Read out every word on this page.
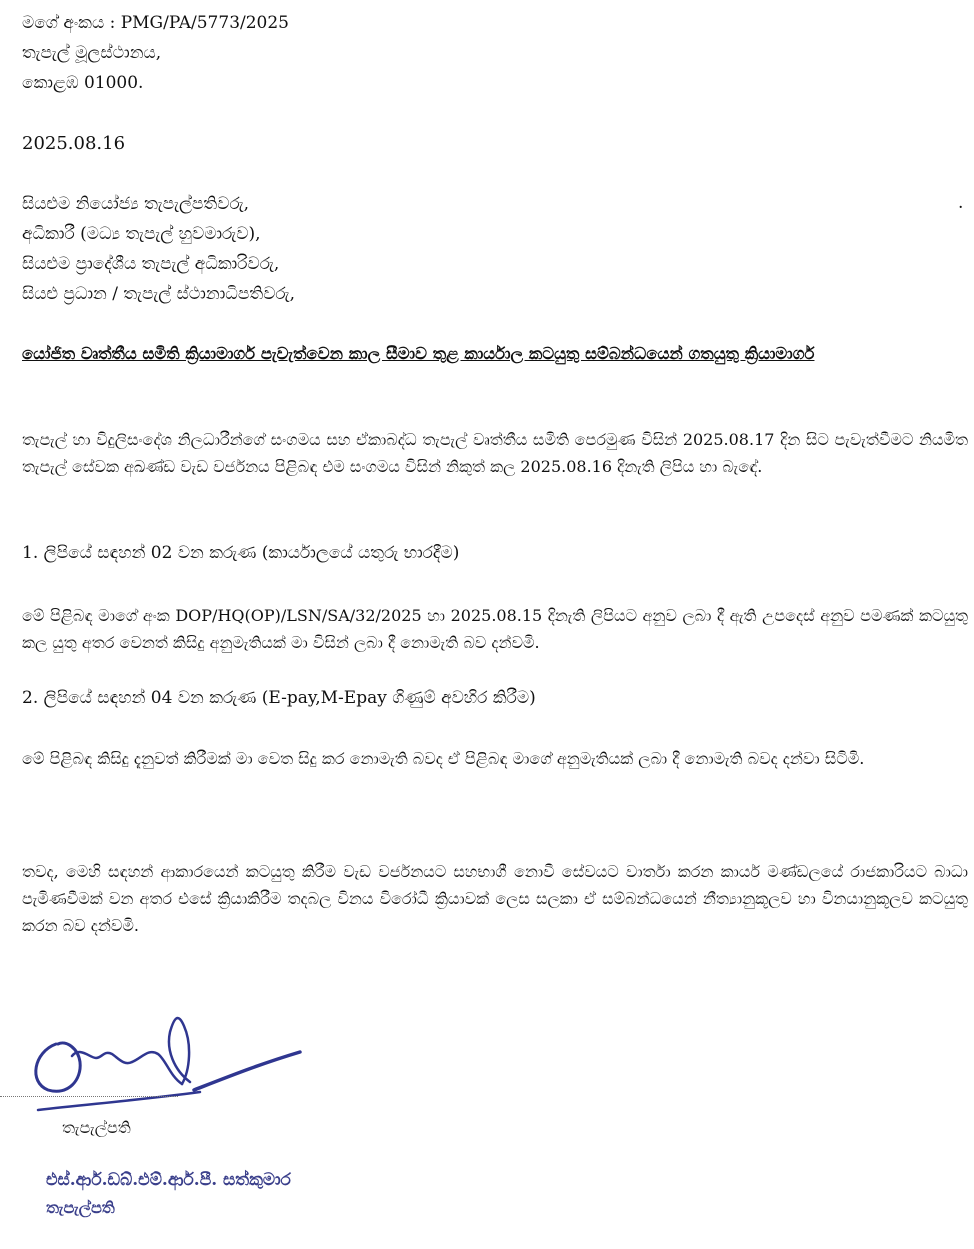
මගේ අංකය : PMG/PA/5773/2025
තැපැල් මූලස්ථානය,
කොළඹ 01000.
2025.08.16
සියළුම නියෝජ්‍ය තැපැල්පතිවරු,
අධිකාරී (මධ්‍ය තැපැල් හුවමාරුව),
සියළුම ප්‍රාදේශීය තැපැල් අධිකාරිවරු,
සියළු ප්‍රධාන / තැපැල් ස්ථානාධිපතිවරු,
.
යෝජිත වෘත්තීය සමිති ක්‍රියාමාර්ග පැවැත්වෙන කාල සීමාව තුළ කාර්යාල කටයුතු සම්බන්ධයෙන් ගතයුතු ක්‍රියාමාර්ග
තැපැල් හා විදුලිසංදේශ නිලධාරීන්ගේ සංගමය සහ ඒකාබද්ධ තැපැල් වෘත්තීය සමිති පෙරමුණ විසින් 2025.08.17 දින සිට පැවැත්වීමට නියමිත තැපැල් සේවක අඛණ්ඩ වැඩ වර්ජනය පිළිබඳ එම සංගමය විසින් නිකුත් කල 2025.08.16 දිනැති ලිපිය හා බැඳේ.
1. ලිපියේ සඳහන් 02 වන කරුණ (කාර්යාලයේ යතුරු භාරදීම)
මේ පිළිබඳ මාගේ අංක DOP/HQ(OP)/LSN/SA/32/2025 හා 2025.08.15 දිනැති ලිපියට අනුව ලබා දී ඇති උපදෙස් අනුව පමණක් කටයුතු කල යුතු අතර වෙනත් කිසිදු අනුමැතියක් මා විසින් ලබා දී නොමැති බව දන්වමි.
2. ලිපියේ සඳහන් 04 වන කරුණ (E-pay,M-Epay ගිණුම් අවහිර කිරීම)
මේ පිළිබඳ කිසිදු දැනුවත් කිරීමක් මා වෙත සිදු කර නොමැති බවද ඒ පිළිබඳ මාගේ අනුමැතියක් ලබා දී නොමැති බවද දන්වා සිටිමි.
තවද, මෙහි සඳහන් ආකාරයෙන් කටයුතු කිරීම වැඩ වර්ජනයට සහභාගී නොවී සේවයට වාර්තා කරන කාර්ය මණ්ඩලයේ රාජකාරියට බාධා පැමිණවීමක් වන අතර එසේ ක්‍රියාකිරීම තදබල විනය විරෝධී ක්‍රියාවක් ලෙස සලකා ඒ සම්බන්ධයෙන් නීත්‍යානුකූලව හා විනයානුකූලව කටයුතු කරන බව දන්වමි.
තැපැල්පති
එස්.ආර්.ඩබ්.එම්.ආර්.පී. සත්කුමාර
තැපැල්පති
